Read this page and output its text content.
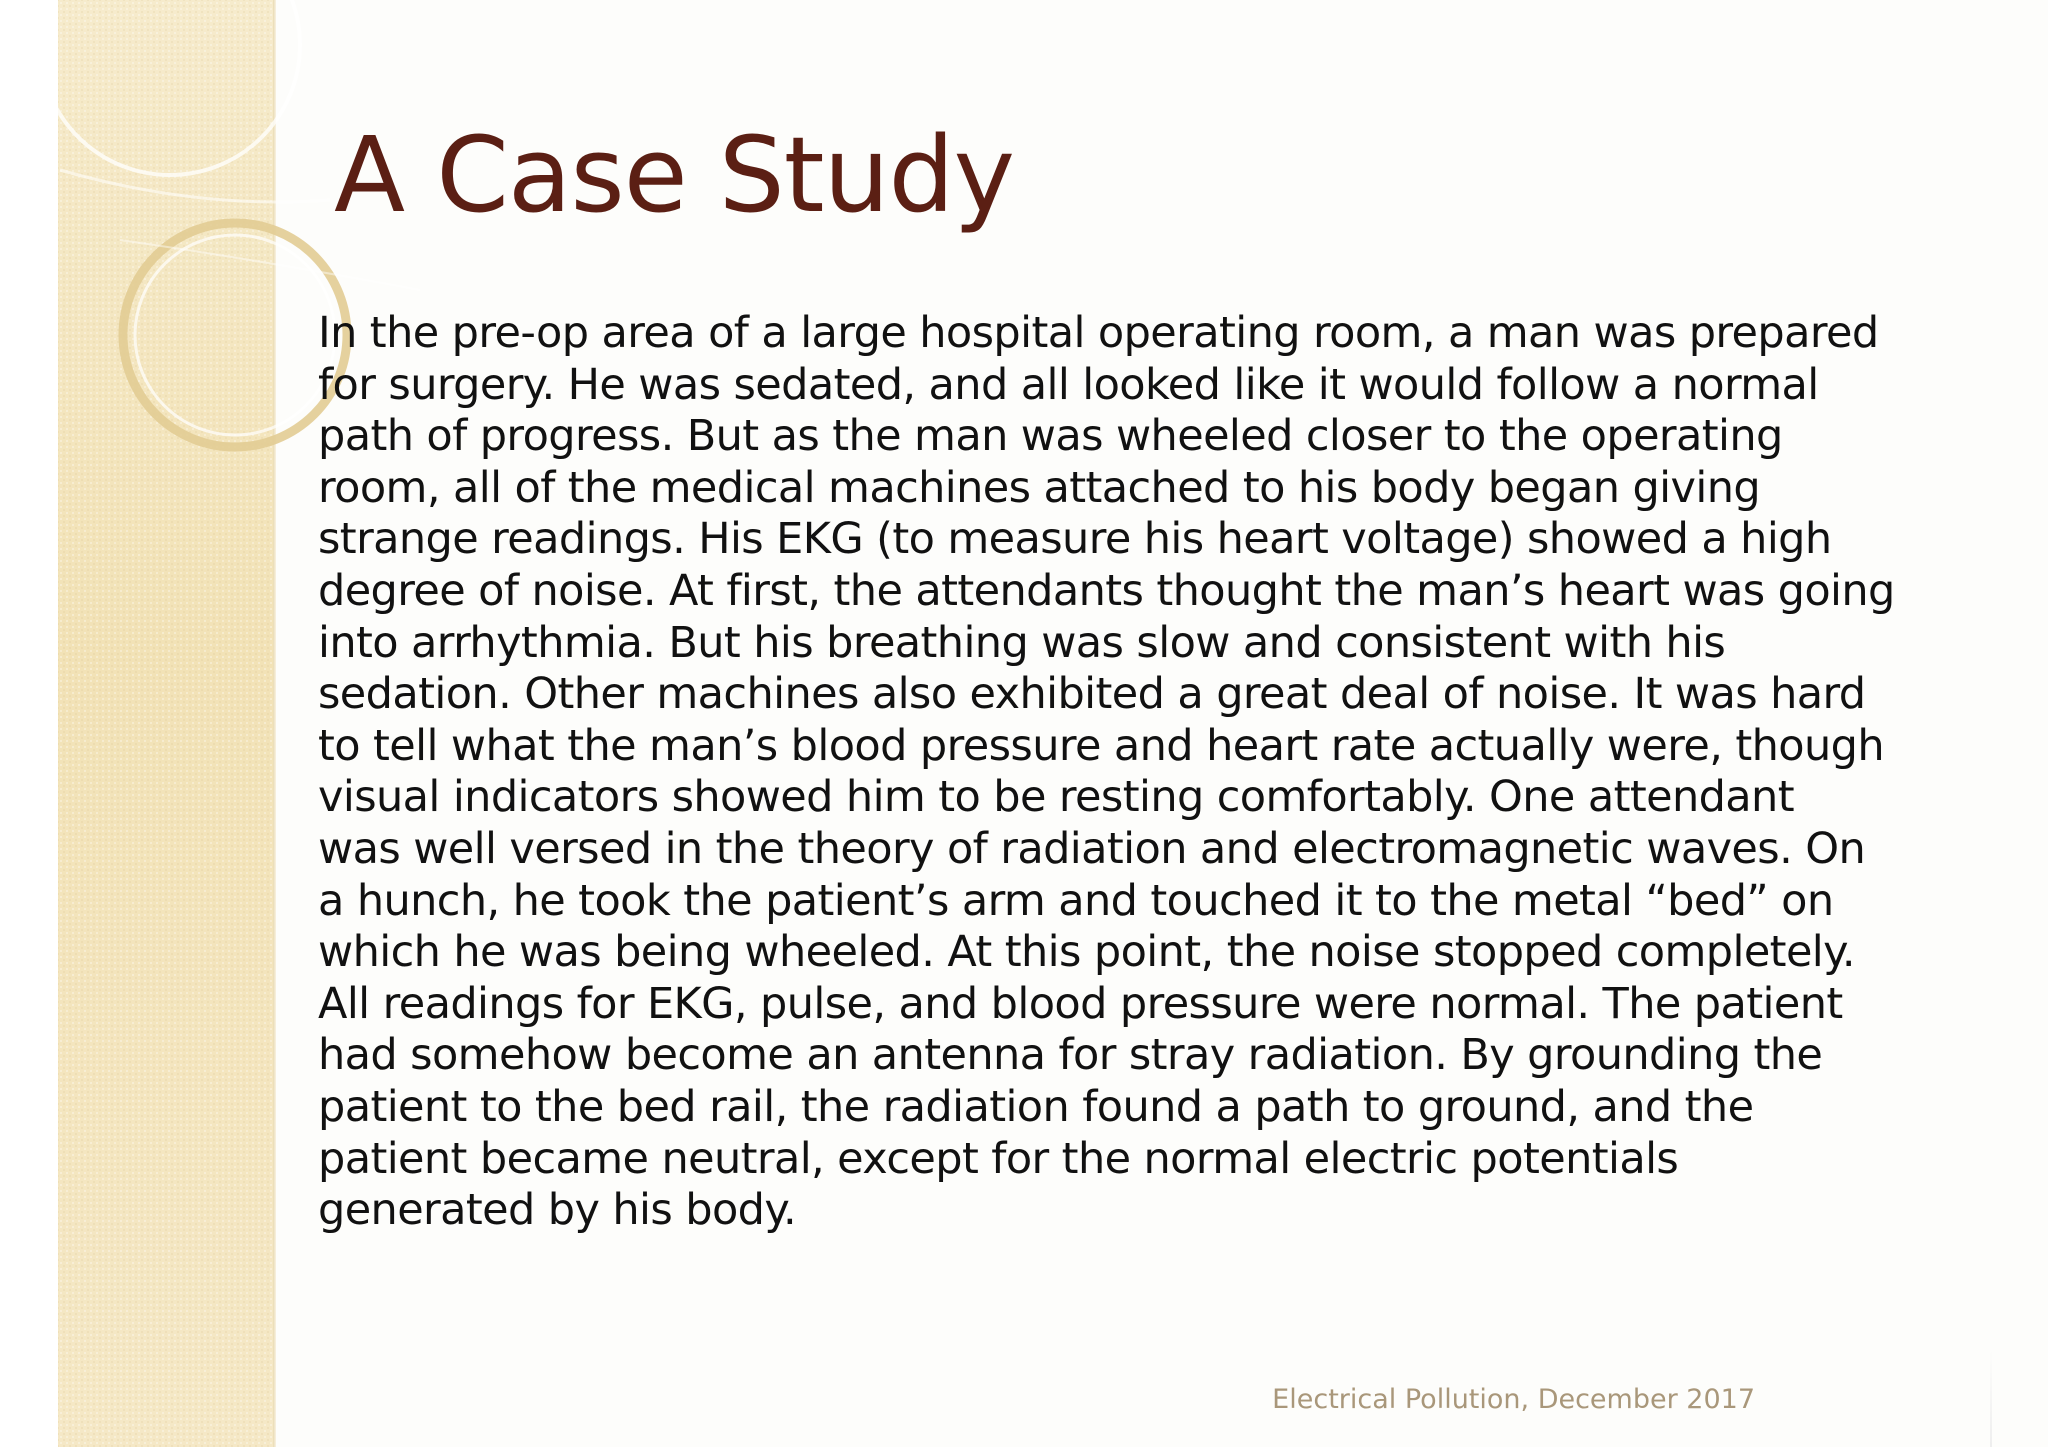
A Case Study

In the pre-op area of a large hospital operating room, a man was prepared
for surgery. He was sedated, and all looked like it would follow a normal
path of progress. But as the man was wheeled closer to the operating
room, all of the medical machines attached to his body began giving
strange readings. His EKG (to measure his heart voltage) showed a high
degree of noise. At first, the attendants thought the man’s heart was going
into arrhythmia. But his breathing was slow and consistent with his
sedation. Other machines also exhibited a great deal of noise. It was hard
to tell what the man’s blood pressure and heart rate actually were, though
visual indicators showed him to be resting comfortably. One attendant
was well versed in the theory of radiation and electromagnetic waves. On
a hunch, he took the patient’s arm and touched it to the metal “bed” on
which he was being wheeled. At this point, the noise stopped completely.
All readings for EKG, pulse, and blood pressure were normal. The patient
had somehow become an antenna for stray radiation. By grounding the
patient to the bed rail, the radiation found a path to ground, and the
patient became neutral, except for the normal electric potentials
generated by his body.

Electrical Pollution, December 2017
